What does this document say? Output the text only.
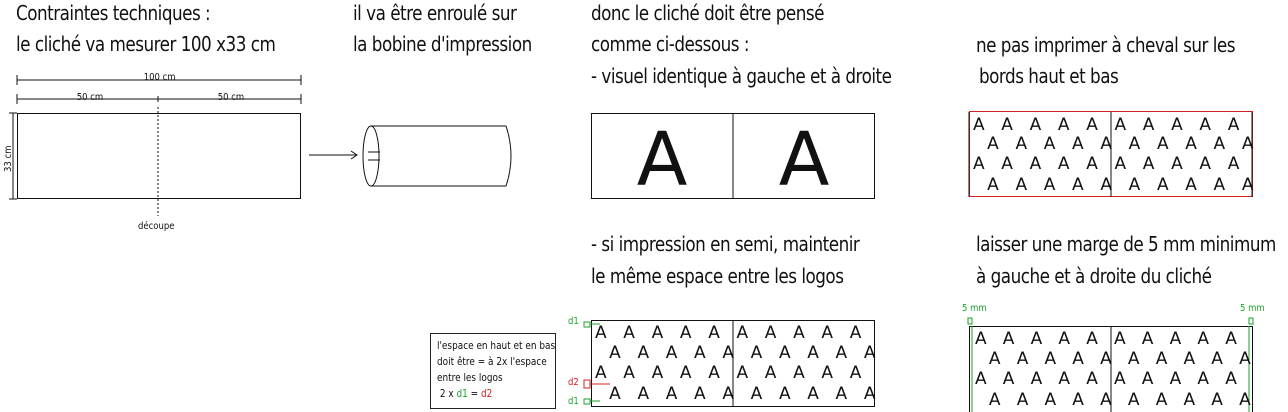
Contraintes techniques :
le cliché va mesurer 100 x33 cm
il va être enroulé sur
la bobine d'impression
donc le cliché doit être pensé
comme ci-dessous :
- visuel identique à gauche et à droite
- si impression en semi, maintenir
le même espace entre les logos
ne pas imprimer à cheval sur les
bords haut et bas
laisser une marge de 5 mm minimum
à gauche et à droite du cliché
100 cm
50 cm	50 cm
33 cm
découpe
l'espace en haut et en bas
doit être = à 2x l'espace
entre les logos
2 x d1 = d2
d1
d2
d1
5 mm	5 mm
A A	A A A A A A A A A A
A A A A A A A A A A
A A A A A A A A A A
A A A A A A A A A A
A A A A A A A A A A
A A A A A A A A A A
A A A A A A A A A A
A A A A A A A A A A
A A A A A A A A A A
A A A A A A A A A A
A A A A A A A A A A
A A A A A A A A A A
